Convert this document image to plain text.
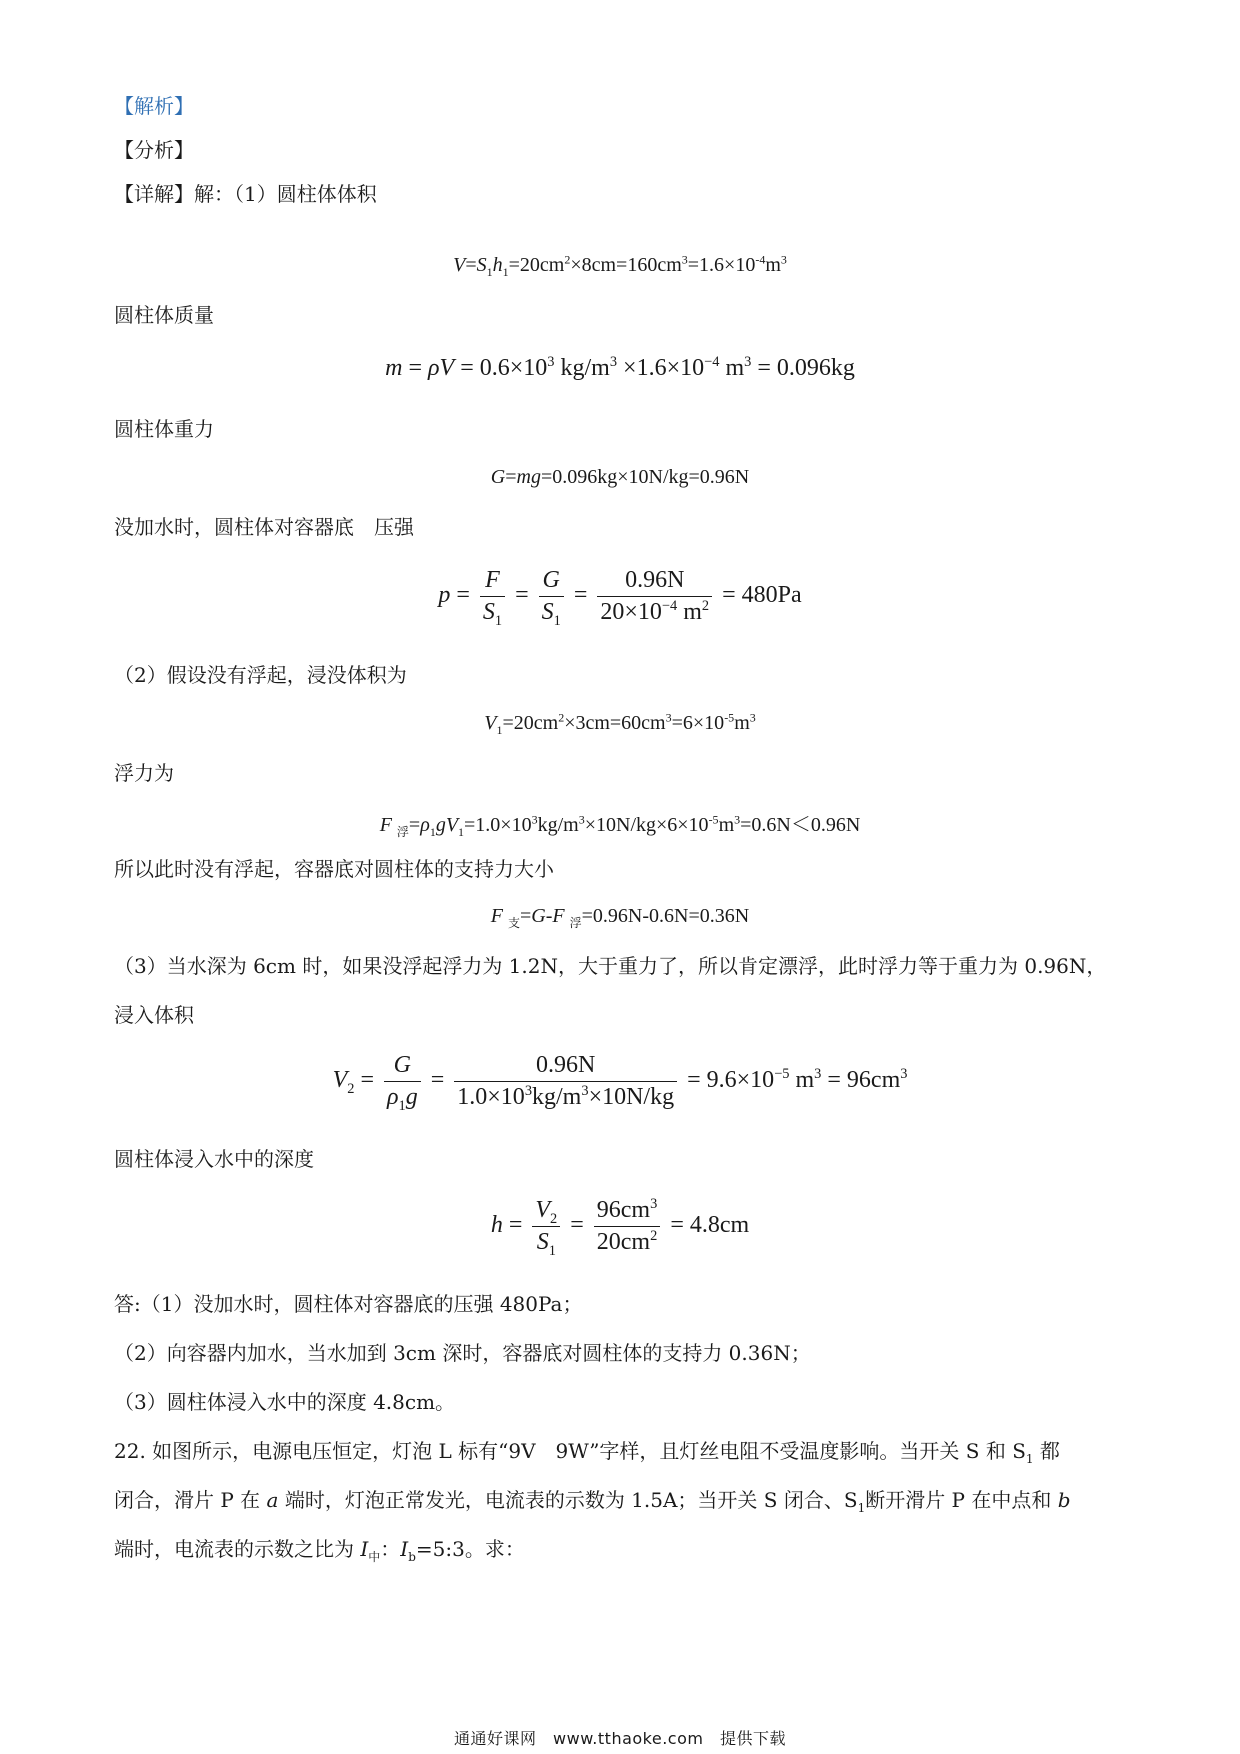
【解析】
【分析】
【详解】解：（1）圆柱体体积
$V=S_1h_1=20cm^2\times 8cm=160cm^3=1.6\times 10^{-4}m^3$
圆柱体质量
$m = \rho V = 0.6\times 10^3$ $kg/m^3 \times 1.6\times 10^{-4}$ $m^3 = 0.096kg$
圆柱体重力
G=mg=0.096kg×10N/kg=0.96N
没加水时，圆柱体对容器底　压强
$p = \frac{F}{S_1} = \frac{G}{S_1} = \frac{0.96N}{20\times 10^{-4} m^2} = 480Pa$
（2）假设没有浮起，浸没体积为
$V_1=20cm^2\times 3cm=60cm^3=6\times 10^{-5}m^3$
浮力为
F $_浮=\rho_1gV_1=1.0\times 10^3kg/m^3\times 10N/kg\times 6\times 10^{-5}m^3=0.6N<0.96N$
所以此时没有浮起，容器底对圆柱体的支持力大小
F $_支$=G-F $_浮$=0.96N-0.6N=0.36N
（3）当水深为 6cm 时，如果没浮起浮力为 1.2N，大于重力了，所以肯定漂浮，此时浮力等于重力为 0.96N，
浸入体积
$V_2 = \frac{G}{\rho_1g} = \frac{0.96N}{1.0\times 10^3kg/m^3\times 10N/kg} = 9.6\times 10^{-5}$ $m^3 = 96cm^3$
圆柱体浸入水中的深度
$h = \frac{V_2}{S_1} = \frac{96cm^3}{20cm^2} = 4.8cm$
答:（1）没加水时，圆柱体对容器底的压强 480Pa；
（2）向容器内加水，当水加到 3cm 深时，容器底对圆柱体的支持力 0.36N；
（3）圆柱体浸入水中的深度 4.8cm。
22. 如图所示，电源电压恒定，灯泡 L 标有“9V　9W”字样，且灯丝电阻不受温度影响。当开关 S 和 $S_1$ 都
闭合，滑片 P 在 a 端时，灯泡正常发光，电流表的示数为 1.5A；当开关 S 闭合、$S_1$断开滑片 P 在中点和 b
端时，电流表的示数之比为 $I_中$：$I_b=5:3$。求：
通通好课网　www.tthaoke.com　提供下载
